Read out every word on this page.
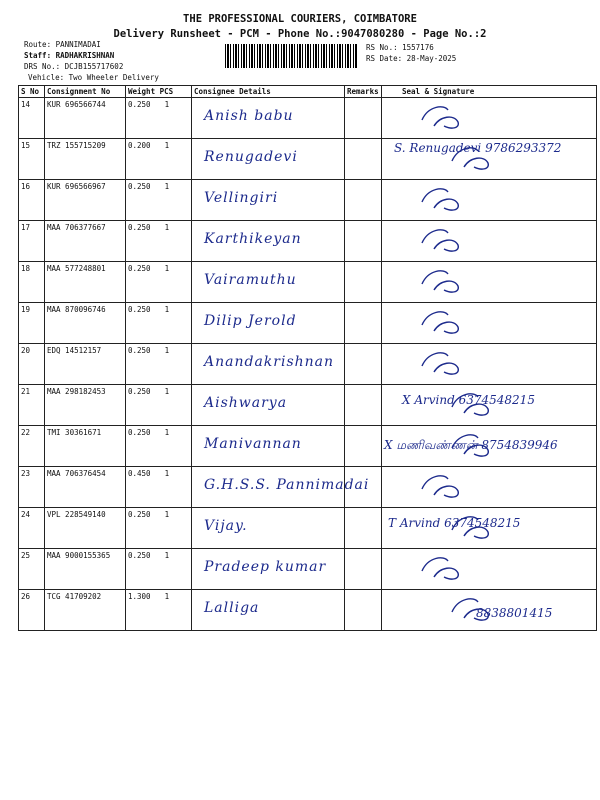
THE PROFESSIONAL COURIERS, COIMBATORE
Delivery Runsheet - PCM - Phone No.:9047080280 - Page No.:2
Route: PANNIMADAI
Staff: RADHAKRISHNAN
DRS No.: DCJB155717602
Vehicle: Two Wheeler Delivery
RS No.: 1557176
RS Date: 28-May-2025
S No	Consignment No	Weight PCS	Consignee Details	Remarks	Seal & Signature
14	KUR 696566744	0.250 1	Anish babu

15	TRZ 155715209	0.200 1	Renugadevi		S. Renugadevi 9786293372

16	KUR 696566967	0.250 1	Vellingiri

17	MAA 706377667	0.250 1	Karthikeyan

18	MAA 577248801	0.250 1	Vairamuthu

19	MAA 870096746	0.250 1	Dilip Jerold

20	EDQ 14512157	0.250 1	Anandakrishnan

21	MAA 298182453	0.250 1	Aishwarya		X Arvind 6374548215

22	TMI 30361671	0.250 1	Manivannan		X மணிவண்ணன் 8754839946

23	MAA 706376454	0.450 1	G.H.S.S. Pannimadai

24	VPL 228549140	0.250 1	Vijay.		T Arvind 6374548215

25	MAA 9000155365	0.250 1	Pradeep kumar

26	TCG 41709202	1.300 1	Lalliga		8838801415
